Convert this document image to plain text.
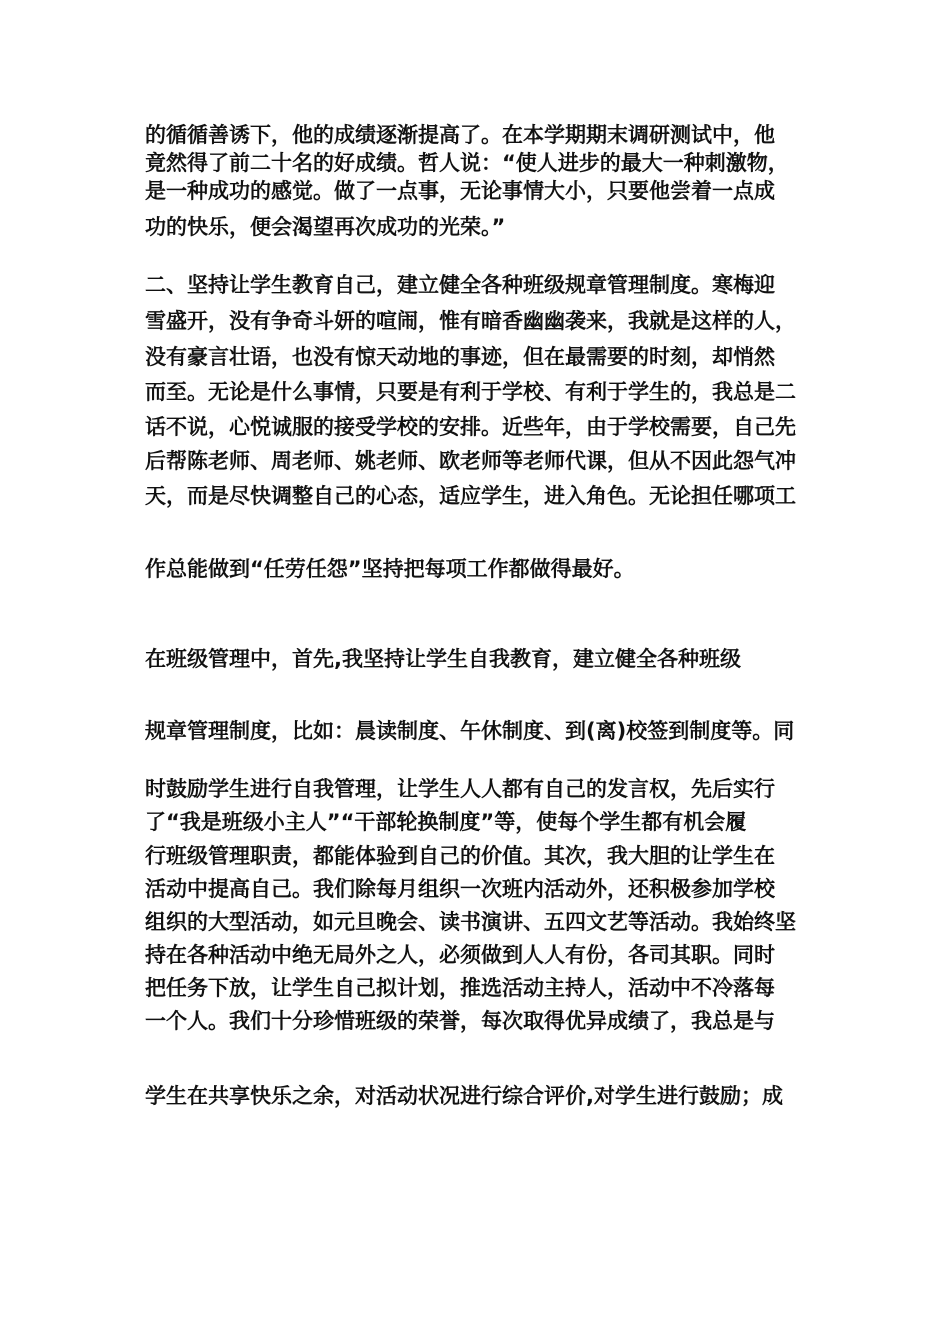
的循循善诱下，他的成绩逐渐提高了。在本学期期末调研测试中，他
竟然得了前二十名的好成绩。哲人说：“使人进步的最大一种刺激物，
是一种成功的感觉。做了一点事，无论事情大小，只要他尝着一点成
功的快乐，便会渴望再次成功的光荣。”
二、坚持让学生教育自己，建立健全各种班级规章管理制度。寒梅迎
雪盛开，没有争奇斗妍的喧闹，惟有暗香幽幽袭来，我就是这样的人，
没有豪言壮语，也没有惊天动地的事迹，但在最需要的时刻，却悄然
而至。无论是什么事情，只要是有利于学校、有利于学生的，我总是二
话不说，心悦诚服的接受学校的安排。近些年，由于学校需要，自己先
后帮陈老师、周老师、姚老师、欧老师等老师代课，但从不因此怨气冲
天，而是尽快调整自己的心态，适应学生，进入角色。无论担任哪项工
作总能做到“任劳任怨”坚持把每项工作都做得最好。
在班级管理中，首先,我坚持让学生自我教育，建立健全各种班级
规章管理制度，比如：晨读制度、午休制度、到(离)校签到制度等。同
时鼓励学生进行自我管理，让学生人人都有自己的发言权，先后实行
了“我是班级小主人”“干部轮换制度”等，使每个学生都有机会履
行班级管理职责，都能体验到自己的价值。其次，我大胆的让学生在
活动中提高自己。我们除每月组织一次班内活动外，还积极参加学校
组织的大型活动，如元旦晚会、读书演讲、五四文艺等活动。我始终坚
持在各种活动中绝无局外之人，必须做到人人有份，各司其职。同时
把任务下放，让学生自己拟计划，推选活动主持人，活动中不冷落每
一个人。我们十分珍惜班级的荣誉，每次取得优异成绩了，我总是与
学生在共享快乐之余，对活动状况进行综合评价,对学生进行鼓励；成
